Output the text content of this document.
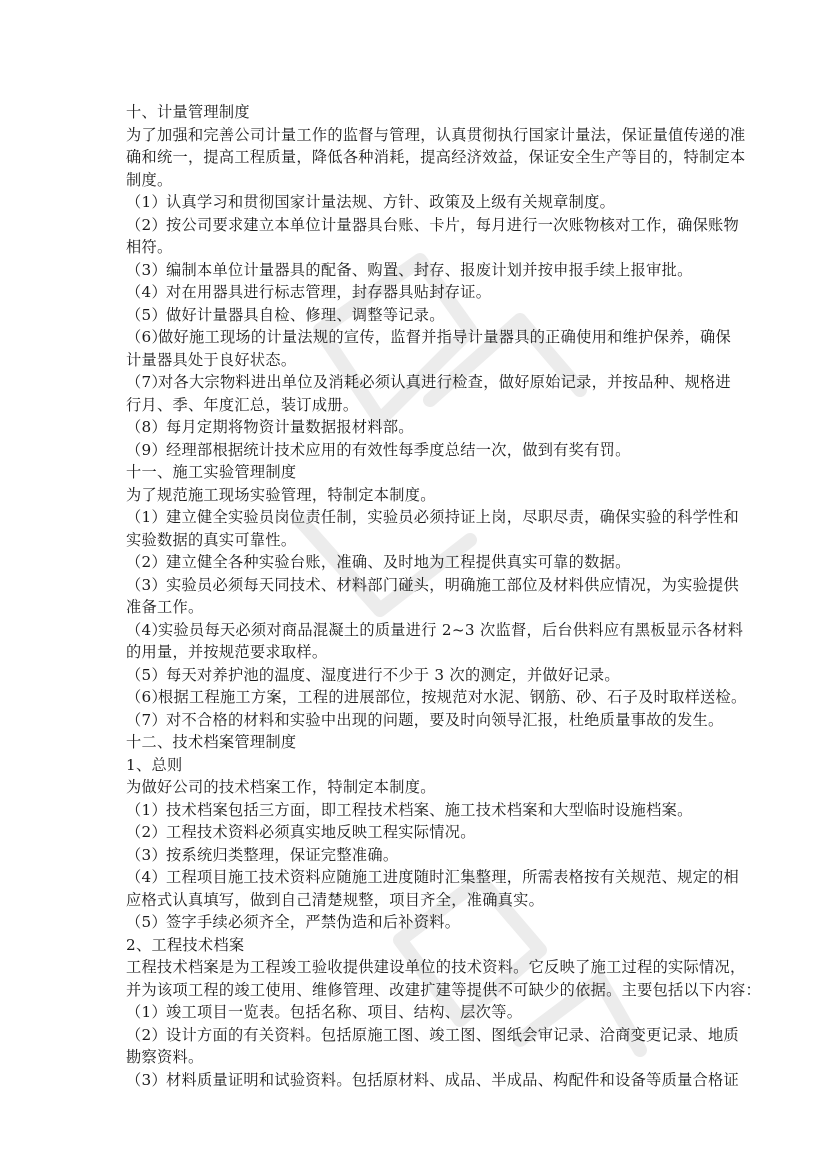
十、计量管理制度
为了加强和完善公司计量工作的监督与管理，认真贯彻执行国家计量法，保证量值传递的准
确和统一，提高工程质量，降低各种消耗，提高经济效益，保证安全生产等目的，特制定本
制度。
（1）认真学习和贯彻国家计量法规、方针、政策及上级有关规章制度。
（2）按公司要求建立本单位计量器具台账、卡片，每月进行一次账物核对工作，确保账物
相符。
（3）编制本单位计量器具的配备、购置、封存、报废计划并按申报手续上报审批。
（4）对在用器具进行标志管理，封存器具贴封存证。
（5）做好计量器具自检、修理、调整等记录。
（6）做好施工现场的计量法规的宣传，监督并指导计量器具的正确使用和维护保养，确保
计量器具处于良好状态。
（7）对各大宗物料进出单位及消耗必须认真进行检查，做好原始记录，并按品种、规格进
行月、季、年度汇总，装订成册。
（8）每月定期将物资计量数据报材料部。
（9）经理部根据统计技术应用的有效性每季度总结一次，做到有奖有罚。
十一、施工实验管理制度
为了规范施工现场实验管理，特制定本制度。
（1）建立健全实验员岗位责任制，实验员必须持证上岗，尽职尽责，确保实验的科学性和
实验数据的真实可靠性。
（2）建立健全各种实验台账，准确、及时地为工程提供真实可靠的数据。
（3）实验员必须每天同技术、材料部门碰头，明确施工部位及材料供应情况，为实验提供
准备工作。
（4）实验员每天必须对商品混凝土的质量进行 2~3 次监督，后台供料应有黑板显示各材料
的用量，并按规范要求取样。
（5）每天对养护池的温度、湿度进行不少于 3 次的测定，并做好记录。
（6）根据工程施工方案，工程的进展部位，按规范对水泥、钢筋、砂、石子及时取样送检。
（7）对不合格的材料和实验中出现的问题，要及时向领导汇报，杜绝质量事故的发生。
十二、技术档案管理制度
1、总则
为做好公司的技术档案工作，特制定本制度。
（1）技术档案包括三方面，即工程技术档案、施工技术档案和大型临时设施档案。
（2）工程技术资料必须真实地反映工程实际情况。
（3）按系统归类整理，保证完整准确。
（4）工程项目施工技术资料应随施工进度随时汇集整理，所需表格按有关规范、规定的相
应格式认真填写，做到自己清楚规整，项目齐全，准确真实。
（5）签字手续必须齐全，严禁伪造和后补资料。
2、工程技术档案
工程技术档案是为工程竣工验收提供建设单位的技术资料。它反映了施工过程的实际情况，
并为该项工程的竣工使用、维修管理、改建扩建等提供不可缺少的依据。主要包括以下内容：
（1）竣工项目一览表。包括名称、项目、结构、层次等。
（2）设计方面的有关资料。包括原施工图、竣工图、图纸会审记录、洽商变更记录、地质
勘察资料。
（3）材料质量证明和试验资料。包括原材料、成品、半成品、构配件和设备等质量合格证
